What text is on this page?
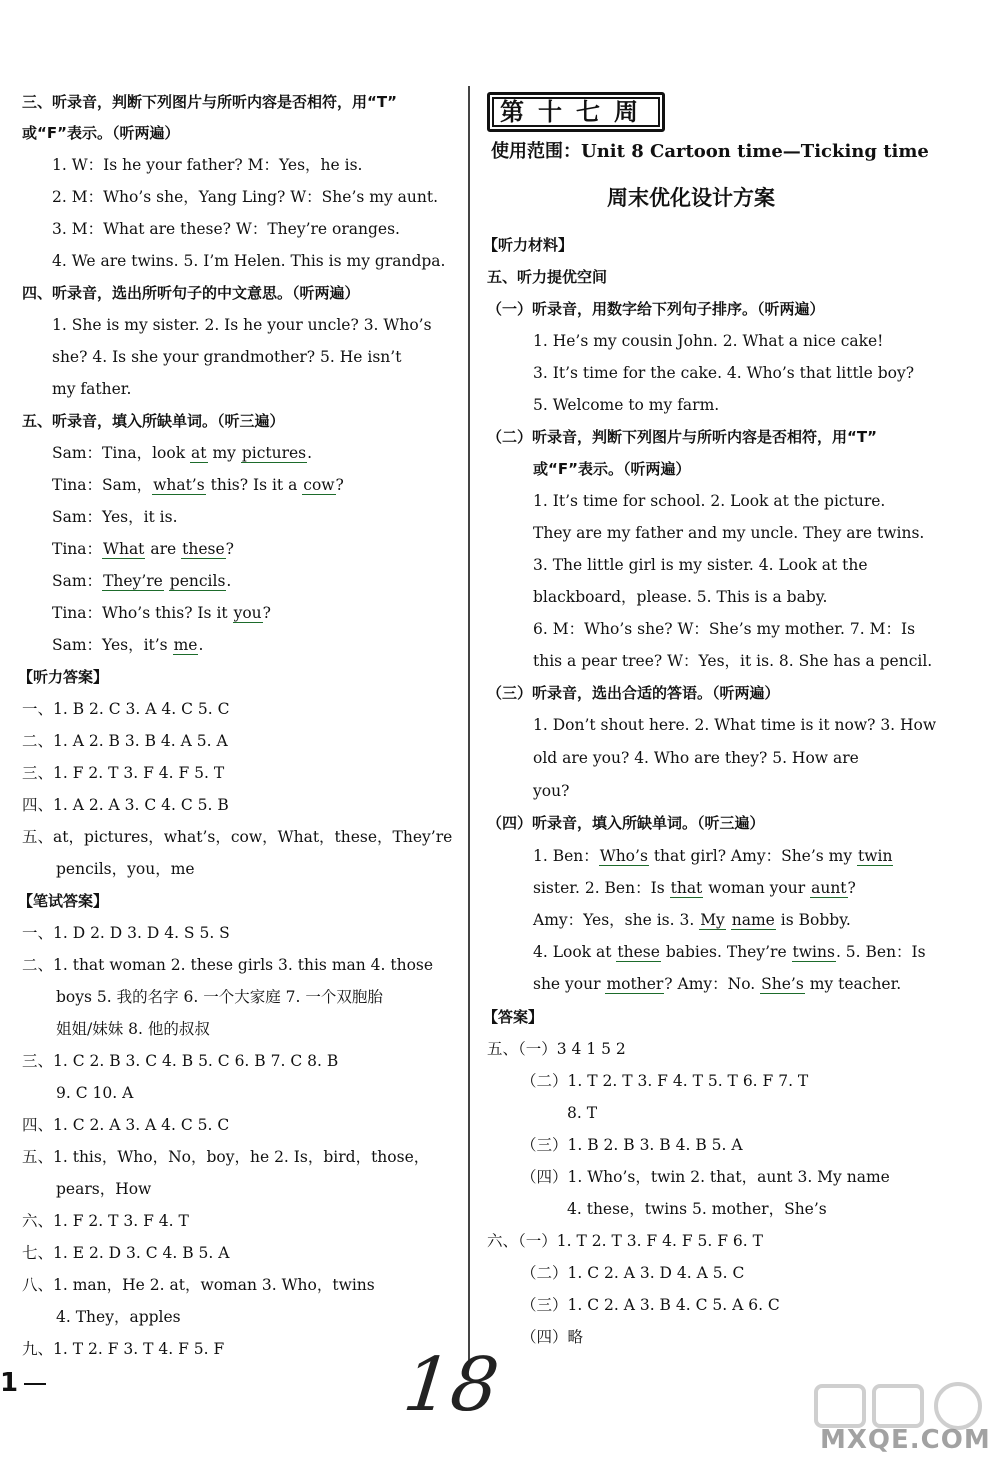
三、听录音，判断下列图片与所听内容是否相符，用“T”
或“F”表示。（听两遍）
1. W：Is he your father? M：Yes，he is.
2. M：Who’s she，Yang Ling? W：She’s my aunt.
3. M：What are these? W：They’re oranges.
4. We are twins. 5. I’m Helen. This is my grandpa.
四、听录音，选出所听句子的中文意思。（听两遍）
1. She is my sister. 2. Is he your uncle? 3. Who’s
she? 4. Is she your grandmother? 5. He isn’t
my father.
五、听录音，填入所缺单词。（听三遍）
Sam：Tina，look at my pictures.
Tina：Sam，what’s this? Is it a cow?
Sam：Yes，it is.
Tina：What are these?
Sam：They’re pencils.
Tina：Who’s this? Is it you?
Sam：Yes，it’s me.
【听力答案】
一、1. B 2. C 3. A 4. C 5. C
二、1. A 2. B 3. B 4. A 5. A
三、1. F 2. T 3. F 4. F 5. T
四、1. A 2. A 3. C 4. C 5. B
五、at，pictures，what’s，cow，What，these，They’re
pencils，you，me
【笔试答案】
一、1. D 2. D 3. D 4. S 5. S
二、1. that woman 2. these girls 3. this man 4. those
boys 5. 我的名字 6. 一个大家庭 7. 一个双胞胎
姐姐/妹妹 8. 他的叔叔
三、1. C 2. B 3. C 4. B 5. C 6. B 7. C 8. B
9. C 10. A
四、1. C 2. A 3. A 4. C 5. C
五、1. this，Who，No，boy，he 2. Is，bird，those，
pears，How
六、1. F 2. T 3. F 4. T
七、1. E 2. D 3. C 4. B 5. A
八、1. man，He 2. at，woman 3. Who，twins
4. They，apples
九、1. T 2. F 3. T 4. F 5. F
第十七周
使用范围：Unit 8 Cartoon time—Ticking time
周末优化设计方案
【听力材料】
五、听力提优空间
（一）听录音，用数字给下列句子排序。（听两遍）
1. He’s my cousin John. 2. What a nice cake!
3. It’s time for the cake. 4. Who’s that little boy?
5. Welcome to my farm.
（二）听录音，判断下列图片与所听内容是否相符，用“T”
或“F”表示。（听两遍）
1. It’s time for school. 2. Look at the picture.
They are my father and my uncle. They are twins.
3. The little girl is my sister. 4. Look at the
blackboard，please. 5. This is a baby.
6. M：Who’s she? W：She’s my mother. 7. M：Is
this a pear tree? W：Yes，it is. 8. She has a pencil.
（三）听录音，选出合适的答语。（听两遍）
1. Don’t shout here. 2. What time is it now? 3. How
old are you? 4. Who are they? 5. How are
you?
（四）听录音，填入所缺单词。（听三遍）
1. Ben：Who’s that girl? Amy：She’s my twin
sister. 2. Ben：Is that woman your aunt?
Amy：Yes，she is. 3. My name is Bobby.
4. Look at these babies. They’re twins. 5. Ben：Is
she your mother? Amy：No. She’s my teacher.
【答案】
五、（一）3 4 1 5 2
（二）1. T 2. T 3. F 4. T 5. T 6. F 7. T
8. T
（三）1. B 2. B 3. B 4. B 5. A
（四）1. Who’s，twin 2. that，aunt 3. My name
4. these，twins 5. mother，She’s
六、（一）1. T 2. T 3. F 4. F 5. F 6. T
（二）1. C 2. A 3. D 4. A 5. C
（三）1. C 2. A 3. B 4. C 5. A 6. C
（四）略
1	18
MXQE.COM
